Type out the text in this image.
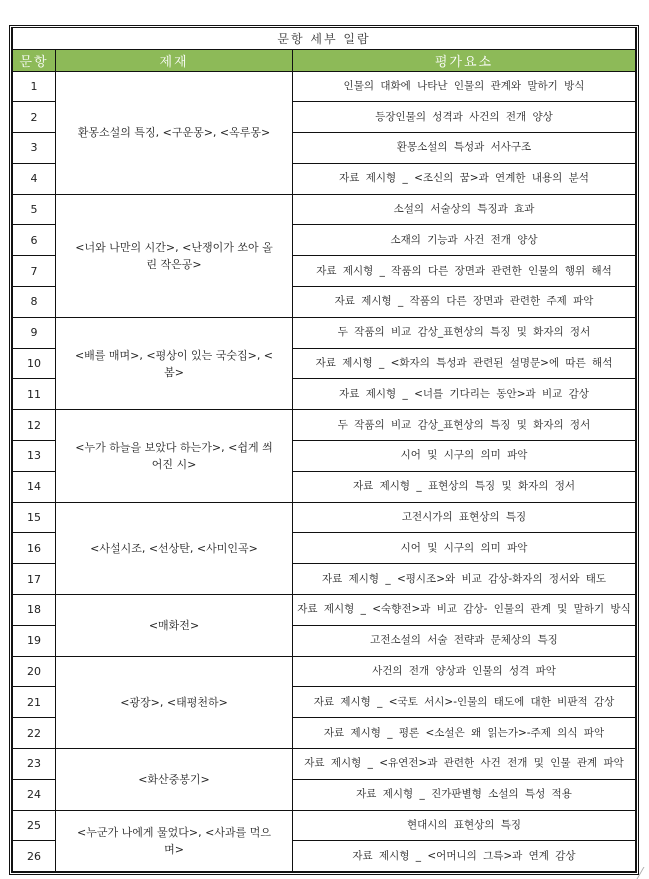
문항 세부 일람		
문항	제재	평가요소
1	환몽소설의 특징, <구운몽>, <옥루몽>	인물의 대화에 나타난 인물의 관계와 말하기 방식
2		등장인물의 성격과 사건의 전개 양상
3		환몽소설의 특성과 서사구조
4		자료 제시형 _ <조신의 꿈>과 연계한 내용의 분석
5	<너와 나만의 시간>, <난쟁이가 쏘아 올린 작은공>	소설의 서술상의 특징과 효과
6		소재의 기능과 사건 전개 양상
7		자료 제시형 _ 작품의 다른 장면과 관련한 인물의 행위 해석
8		자료 제시형 _ 작품의 다른 장면과 관련한 주제 파악
9	<배를 매며>, <평상이 있는 국숫집>, <봄>	두 작품의 비교 감상_표현상의 특징 및 화자의 정서
10		자료 제시형 _ <화자의 특성과 관련된 설명문>에 따른 해석
11		자료 제시형 _ <너를 기다리는 동안>과 비교 감상
12	<누가 하늘을 보았다 하는가>, <쉽게 씌어진 시>	두 작품의 비교 감상_표현상의 특징 및 화자의 정서
13		시어 및 시구의 의미 파악
14		자료 제시형 _ 표현상의 특징 및 화자의 정서
15	<사설시조, <선상탄, <사미인곡>	고전시가의 표현상의 특징
16		시어 및 시구의 의미 파악
17		자료 제시형 _ <평시조>와 비교 감상-화자의 정서와 태도
18	<매화전>	자료 제시형 _ <숙향전>과 비교 감상- 인물의 관계 및 말하기 방식
19		고전소설의 서술 전략과 문체상의 특징
20	<광장>, <태평천하>	사건의 전개 양상과 인물의 성격 파악
21		자료 제시형 _ <국토 서시>-인물의 태도에 대한 비판적 감상
22		자료 제시형 _ 평론 <소설은 왜 읽는가>-주제 의식 파악
23	<화산중봉기>	자료 제시형 _ <유연전>과 관련한 사건 전개 및 인물 관계 파악
24		자료 제시형 _ 진가판별형 소설의 특성 적용
25	<누군가 나에게 물었다>, <사과를 먹으며>	현대시의 표현상의 특징
26		자료 제시형 _ <어머니의 그륵>과 연계 감상
